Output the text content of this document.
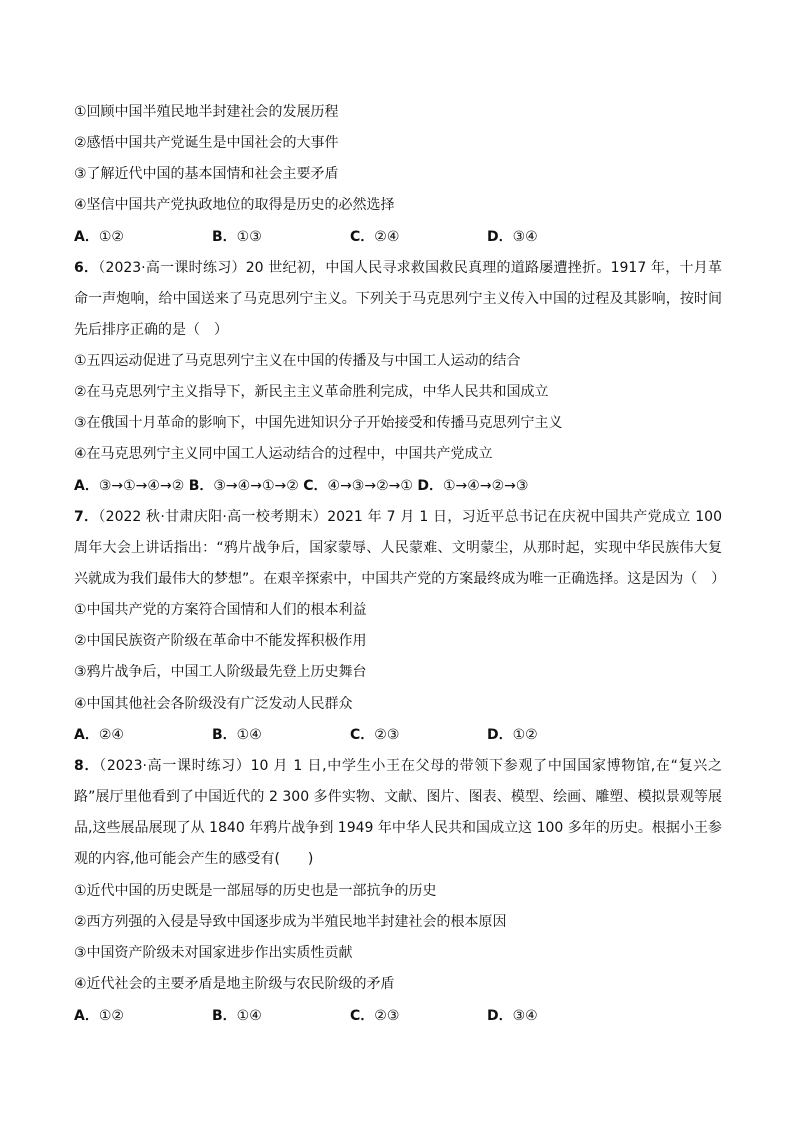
①回顾中国半殖民地半封建社会的发展历程
②感悟中国共产党诞生是中国社会的大事件
③了解近代中国的基本国情和社会主要矛盾
④坚信中国共产党执政地位的取得是历史的必然选择
A．①②	B．①③	C．②④	D．③④
6．（2023·高一课时练习）20 世纪初，中国人民寻求救国救民真理的道路屡遭挫折。1917 年，十月革命一声炮响，给中国送来了马克思列宁主义。下列关于马克思列宁主义传入中国的过程及其影响，按时间先后排序正确的是（　）
①五四运动促进了马克思列宁主义在中国的传播及与中国工人运动的结合
②在马克思列宁主义指导下，新民主主义革命胜利完成，中华人民共和国成立
③在俄国十月革命的影响下，中国先进知识分子开始接受和传播马克思列宁主义
④在马克思列宁主义同中国工人运动结合的过程中，中国共产党成立
A．③→①→④→② B．③→④→①→② C．④→③→②→① D．①→④→②→③
7．（2022 秋·甘肃庆阳·高一校考期末）2021 年 7 月 1 日，习近平总书记在庆祝中国共产党成立 100 周年大会上讲话指出：“鸦片战争后，国家蒙辱、人民蒙难、文明蒙尘，从那时起，实现中华民族伟大复兴就成为我们最伟大的梦想”。在艰辛探索中，中国共产党的方案最终成为唯一正确选择。这是因为（　）
①中国共产党的方案符合国情和人们的根本利益
②中国民族资产阶级在革命中不能发挥积极作用
③鸦片战争后，中国工人阶级最先登上历史舞台
④中国其他社会各阶级没有广泛发动人民群众
A．②④	B．①④	C．②③	D．①②
8．（2023·高一课时练习）10 月 1 日,中学生小王在父母的带领下参观了中国国家博物馆,在“复兴之路”展厅里他看到了中国近代的 2 300 多件实物、文献、图片、图表、模型、绘画、雕塑、模拟景观等展品,这些展品展现了从 1840 年鸦片战争到 1949 年中华人民共和国成立这 100 多年的历史。根据小王参观的内容,他可能会产生的感受有(　　)
①近代中国的历史既是一部屈辱的历史也是一部抗争的历史
②西方列强的入侵是导致中国逐步成为半殖民地半封建社会的根本原因
③中国资产阶级未对国家进步作出实质性贡献
④近代社会的主要矛盾是地主阶级与农民阶级的矛盾
A．①②	B．①④	C．②③	D．③④
